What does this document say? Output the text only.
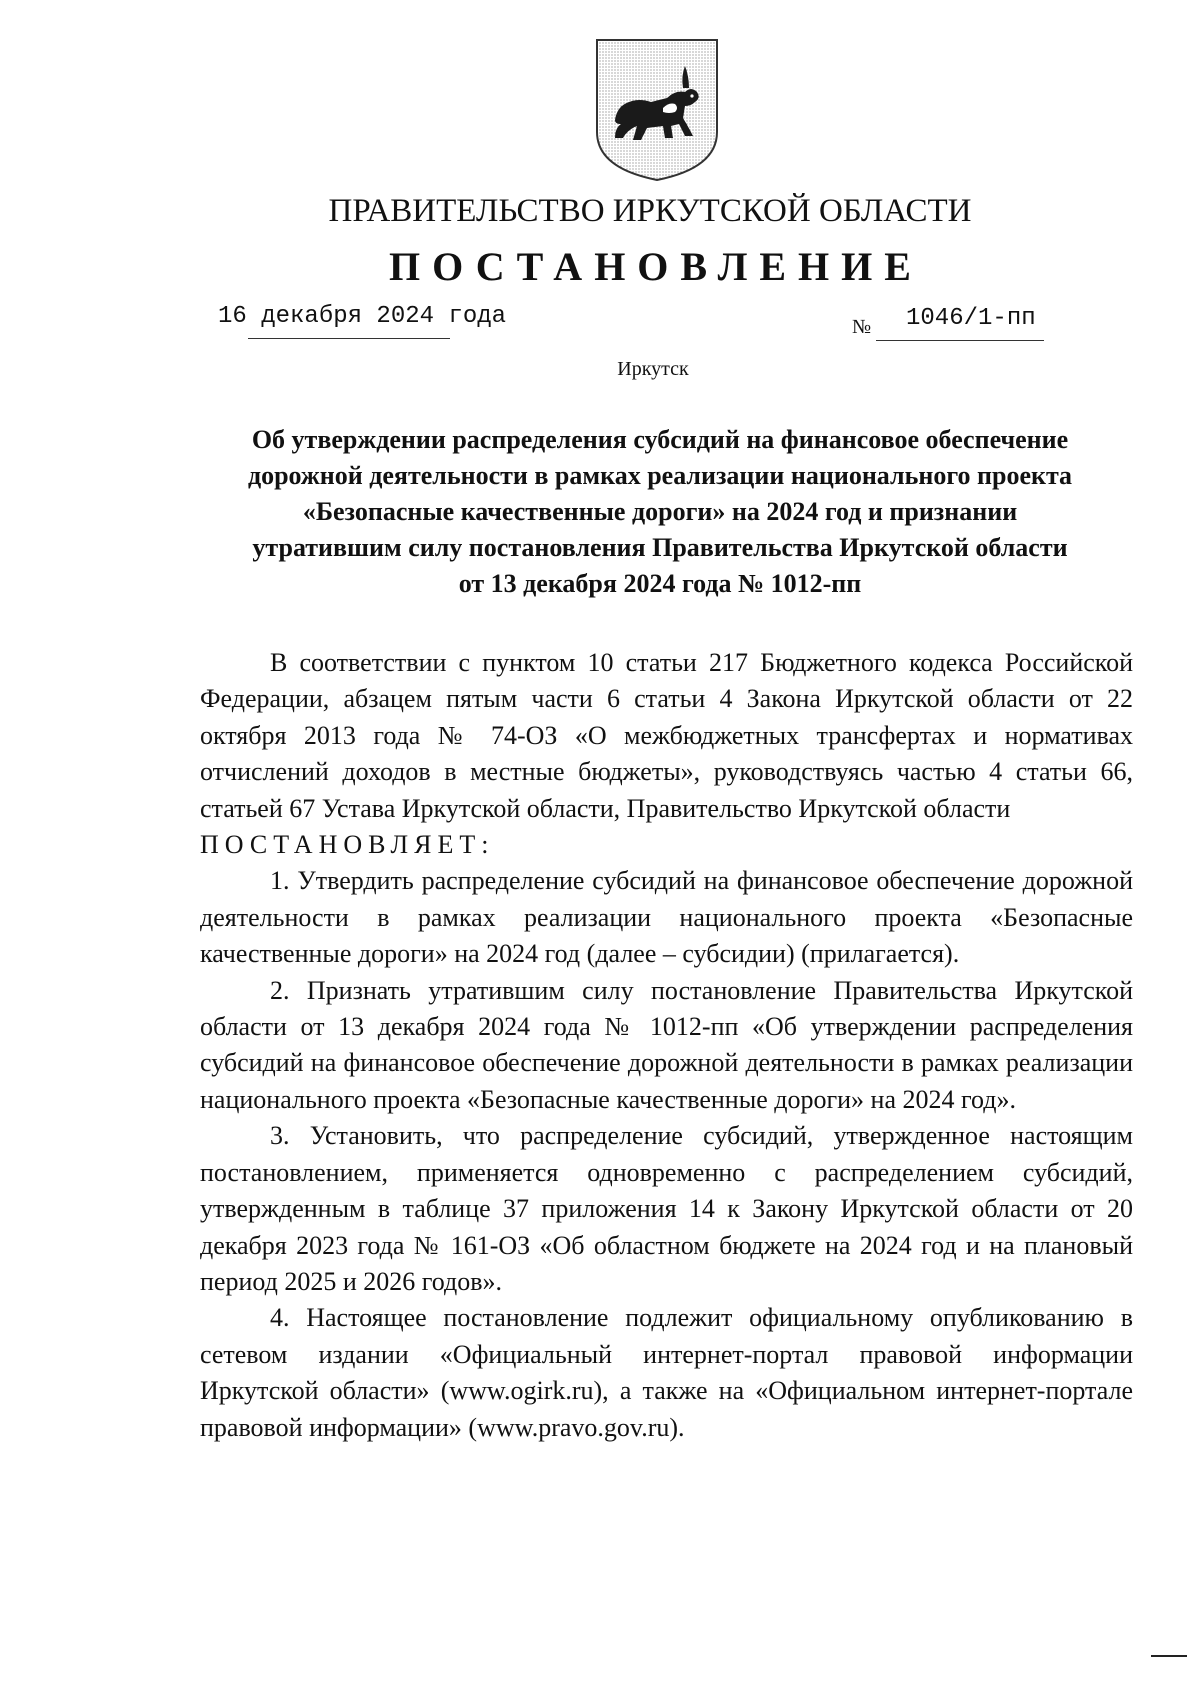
ПРАВИТЕЛЬСТВО ИРКУТСКОЙ ОБЛАСТИ
ПОСТАНОВЛЕНИЕ
16 декабря 2024 года	№ 1046/1-пп
Иркутск
Об утверждении распределения субсидий на финансовое обеспечение
дорожной деятельности в рамках реализации национального проекта
«Безопасные качественные дороги» на 2024 год и признании
утратившим силу постановления Правительства Иркутской области
от 13 декабря 2024 года № 1012-пп

В соответствии с пунктом 10 статьи 217 Бюджетного кодекса Российской Федерации, абзацем пятым части 6 статьи 4 Закона Иркутской области от 22 октября 2013 года № 74-ОЗ «О межбюджетных трансфертах и нормативах отчислений доходов в местные бюджеты», руководствуясь частью 4 статьи 66, статьей 67 Устава Иркутской области, Правительство Иркутской области

ПОСТАНОВЛЯЕТ:

1. Утвердить распределение субсидий на финансовое обеспечение дорожной деятельности в рамках реализации национального проекта «Безопасные качественные дороги» на 2024 год (далее – субсидии) (прилагается).

2. Признать утратившим силу постановление Правительства Иркутской области от 13 декабря 2024 года № 1012-пп «Об утверждении распределения субсидий на финансовое обеспечение дорожной деятельности в рамках реализации национального проекта «Безопасные качественные дороги» на 2024 год».

3. Установить, что распределение субсидий, утвержденное настоящим постановлением, применяется одновременно с распределением субсидий, утвержденным в таблице 37 приложения 14 к Закону Иркутской области от 20 декабря 2023 года № 161-ОЗ «Об областном бюджете на 2024 год и на плановый период 2025 и 2026 годов».

4. Настоящее постановление подлежит официальному опубликованию в сетевом издании «Официальный интернет-портал правовой информации Иркутской области» (www.ogirk.ru), а также на «Официальном интернет-портале правовой информации» (www.pravo.gov.ru).
